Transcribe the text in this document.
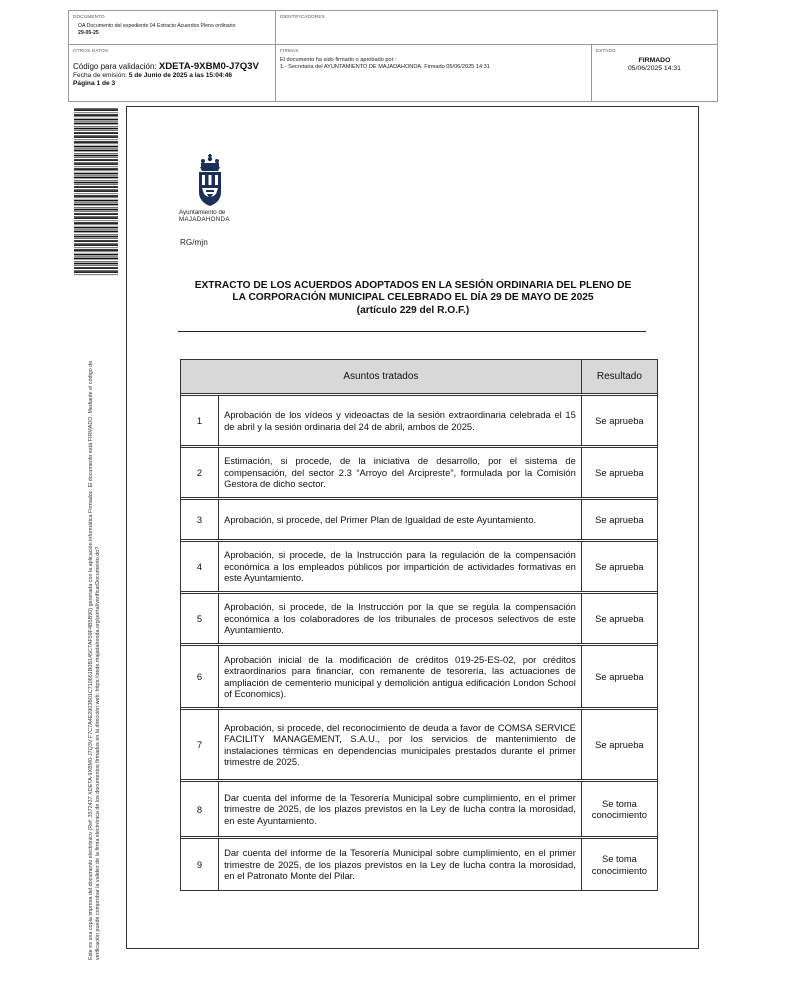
DOCUMENTO
OA Documento del expediente 04 Extracto Acuerdos Pleno ordinario
29-05-25
IDENTIFICADORES
OTROS DATOS
Código para validación: XDETA-9XBM0-J7Q3V
Fecha de emisión: 5 de Junio de 2025 a las 15:04:46
Página 1 de 3
FIRMAS
El documento ha sido firmado o aprobado por :
1.- Secretaria del AYUNTAMIENTO DE MAJADAHONDA. Firmado 05/06/2025 14:31
ESTADO
FIRMADO
05/06/2025 14:31
Este es una copia impresa del documento electrónico (Ref: 3572437 XDETA-9XBM0-J7Q3V F7C7A4E2903B01C710661B0B145C7AF59F4B5B90) generada con la aplicación informática Firmadoc. El documento está FIRMADO. Mediante el código de verificación puede comprobar la validez de la firma electrónica de los documentos firmados en la dirección web: https://sede.majadahonda.org/portal/verificarDocumento.do?
Ayuntamiento de
MAJADAHONDA
RG/mjn
EXTRACTO DE LOS ACUERDOS ADOPTADOS EN LA SESIÓN ORDINARIA DEL PLENO DE
LA CORPORACIÓN MUNICIPAL CELEBRADO EL DÍA 29 DE MAYO DE 2025
(artículo 229 del R.O.F.)
Asuntos tratados		Resultado

1	Aprobación de los vídeos y videoactas de la sesión extraordinaria celebrada el 15 de abril y la sesión ordinaria del 24 de abril, ambos de 2025.	Se aprueba

2	Estimación, si procede, de la iniciativa de desarrollo, por el sistema de compensación, del sector 2.3 “Arroyo del Arcipreste”, formulada por la Comisión Gestora de dicho sector.	Se aprueba

3	Aprobación, si procede, del Primer Plan de Igualdad de este Ayuntamiento.	Se aprueba

4	Aprobación, si procede, de la Instrucción para la regulación de la compensación económica a los empleados públicos por impartición de actividades formativas en este Ayuntamiento.	Se aprueba

5	Aprobación, si procede, de la Instrucción por la que se regula la compensación económica a los colaboradores de los tribunales de procesos selectivos de este Ayuntamiento.	Se aprueba

6	Aprobación inicial de la modificación de créditos 019-25-ES-02, por créditos extraordinarios para financiar, con remanente de tesorería, las actuaciones de ampliación de cementerio municipal y demolición antigua edificación London School of Economics).	Se aprueba

7	Aprobación, si procede, del reconocimiento de deuda a favor de COMSA SERVICE FACILITY MANAGEMENT, S.A.U., por los servicios de mantenimiento de instalaciones térmicas en dependencias municipales prestados durante el primer trimestre de 2025.	Se aprueba

8	Dar cuenta del informe de la Tesorería Municipal sobre cumplimiento, en el primer trimestre de 2025, de los plazos previstos en la Ley de lucha contra la morosidad, en este Ayuntamiento.	Se toma conocimiento

9	Dar cuenta del informe de la Tesorería Municipal sobre cumplimiento, en el primer trimestre de 2025, de los plazos previstos en la Ley de lucha contra la morosidad, en el Patronato Monte del Pilar.	Se toma conocimiento
